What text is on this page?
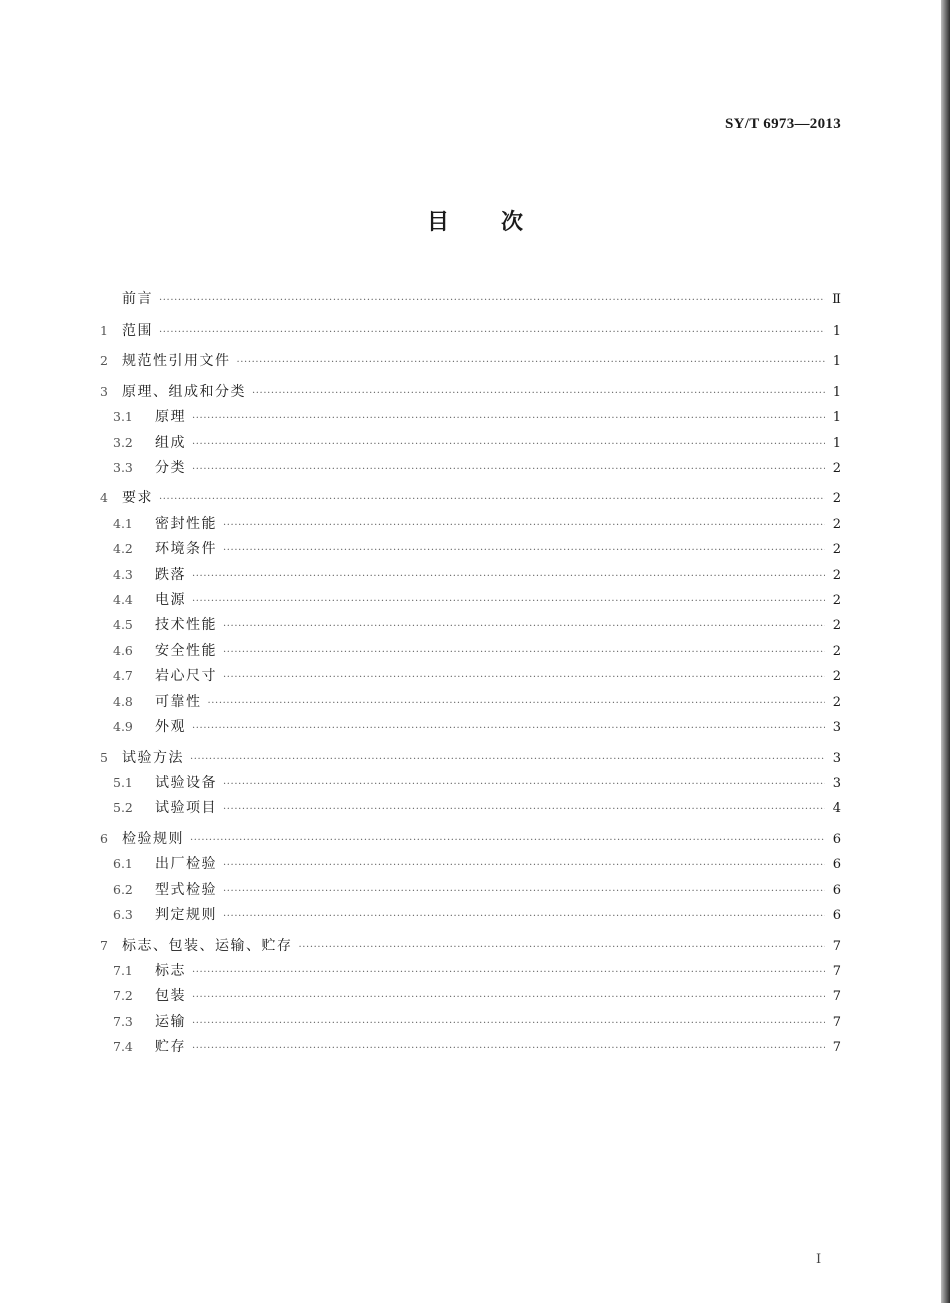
SY/T 6973—2013
目次
前言 ·····	Ⅱ
1	范围 ·····	1
2	规范性引用文件 ·····	1
3	原理、组成和分类 ·····	1
3.1	原理 ·····	1
3.2	组成 ·····	1
3.3	分类 ·····	2
4	要求 ·····	2
4.1	密封性能 ·····	2
4.2	环境条件 ·····	2
4.3	跌落 ·····	2
4.4	电源 ·····	2
4.5	技术性能 ·····	2
4.6	安全性能 ·····	2
4.7	岩心尺寸 ·····	2
4.8	可靠性 ·····	2
4.9	外观 ·····	3
5	试验方法 ·····	3
5.1	试验设备 ·····	3
5.2	试验项目 ·····	4
6	检验规则 ·····	6
6.1	出厂检验 ·····	6
6.2	型式检验 ·····	6
6.3	判定规则 ·····	6
7	标志、包装、运输、贮存 ·····	7
7.1	标志 ·····	7
7.2	包装 ·····	7
7.3	运输 ·····	7
7.4	贮存 ·····	7
Ⅰ
